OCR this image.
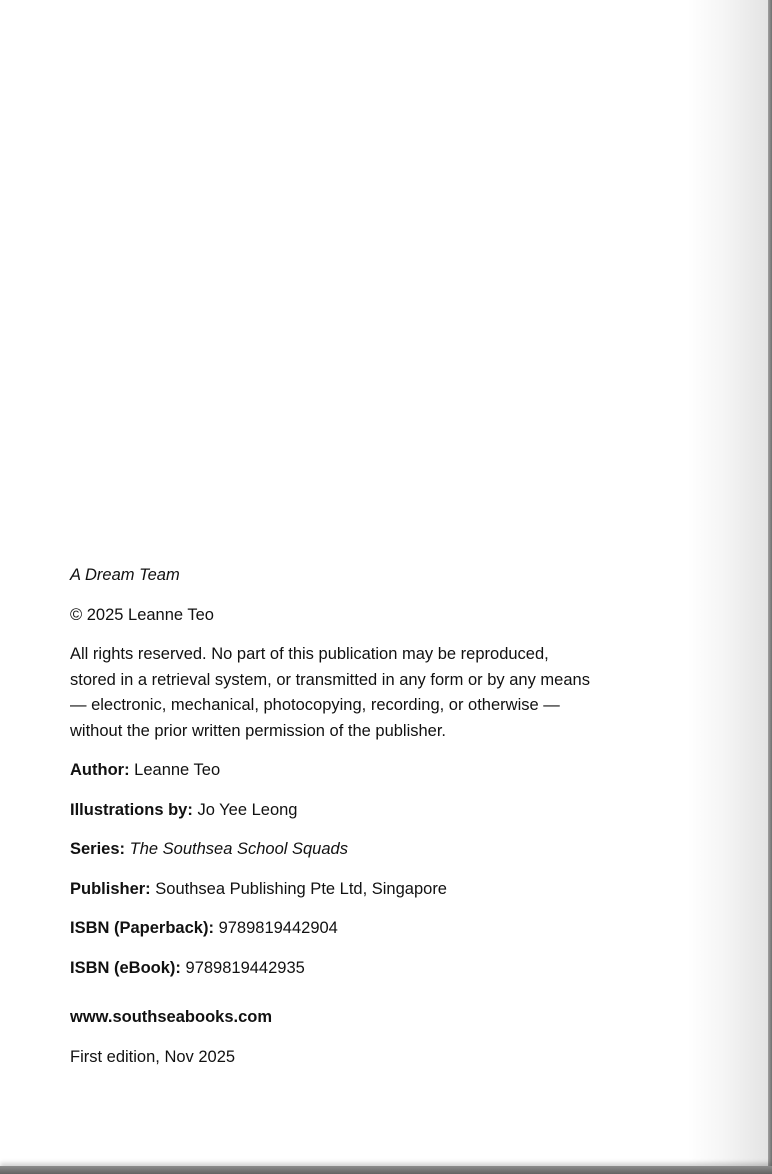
A Dream Team

© 2025 Leanne Teo

All rights reserved. No part of this publication may be reproduced,
stored in a retrieval system, or transmitted in any form or by any means
— electronic, mechanical, photocopying, recording, or otherwise —
without the prior written permission of the publisher.

Author: Leanne Teo

Illustrations by: Jo Yee Leong

Series: The Southsea School Squads

Publisher: Southsea Publishing Pte Ltd, Singapore

ISBN (Paperback): 9789819442904

ISBN (eBook): 9789819442935

www.southseabooks.com

First edition, Nov 2025
